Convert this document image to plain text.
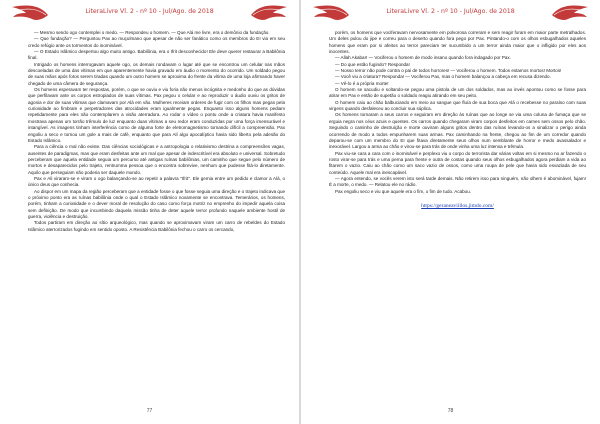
LiteraLivre Vl. 2 - nº 10 - Jul/Ago. de 2018

— Mesmo sendo ogo contemplei o medo. — Respondeu o homem. — Que Alá me livre, era o demônio da fundação.

— Que fundação? — Perguntou Pax ao muçulmano que apesar de não ser fanático como os membros do EI via em seu credo refúgio ante os tormentos do inominável.

— O Estado Islâmico despertou algo muito antigo. Babilônia, era o Ifrit desconhecido! Ele deve querer restaurar a Babilônia final.

Intrigado os homens interrogavam aquele ogo, os demais rondavam o lugar até que se encontrou um celular nas mãos descoeladas de uma das vítimas em que aparentemente havia gravado em áudio o momento do ocorrido. Um soldado pegou de suas mãos após fotos serem tiradas quando um outro homem se aproxima do frente da vítima de uma loja afirmando haver chegado de uma câmera de segurança.

Os homens esperavam ter respostas, porém, o que se ouviu e viu foria não menos incógnita e medonho do que as dúvidas que perfilavam ante os corpos estropiados de suas vítimas. Pax pegou o celular e ao reproduzir o áudio ouviu os gritos de agonia e dor de suas vítimas que clamavam por Alá em vão. Mulheres receiam orderes de fugir com os filhos mas pegas pela curiosidade ao fimbram e perpetradores das atrocidades eram igualmente pegas. Enquanto isso alguns homens pediam repetidamente para eles não contemplarem a visão aterradora. Ao rodar o vídeo o pontu onde a criatura havia manifesto mostrava apenas um torrão trêmulo de luz enquanto duas vítimas a seu redor eram conduzidas por uma força imensurável e intangível. As imagens tinham interferência como de alguma forte de eletromagnetismo tornando difícil a compreensão. Pax engoliu a seco e tornou um gole a mais de café, enquanto que para Alí algo apocalíptico havia sido liberto pela adesão do Estado Islâmico.

Para a ciência o mal não existe. Das ciências sociológicas e a antropologia o relativismo destrina a compreensões vagas, ausentes de paradigmas, mas que eram desfeitas ante um mal que apesar de indescritível era absoluto e universal. Sobretudo perceberam que aquela entidade seguia um percurso até antigas ruínas babilônias, um caminho que segue pelo número de mortos e desaparecidos pelo trajeto, rentrumma pessoa que o encontra sobrevive, nenhum que pudesse fitá-lo diretamente. Aquilo que perseguiam não poderia ser daquele mundo.

Pax e Ali viraram-se e viram o ogo balançando-se ao repetir a palavra "Ifrit". Ele gemia entre um pedido e clamor a Alá, o único deus que conhecia.

Ao dispor em um mapa da região perceberam que a entidade fosse o que fosse seguia uma direção e o trajeto indicava que o próximo ponto era as ruínas babilônia onde o qual o Estado Islâmico novamente se encontrava. Temerários, os homens, porém, tinham a curiosidade e o dever moral de resolução do caso como força motriz no emprenho do impedir aquela coisa sem definição. De modo que incumbindo daquela missão tinha de deter aquele terror profundo naquele ambiente hostil de guerra, violência e destruição.

Todos partiram em direção ao sítio arqueológico, mas quando se aproximavam viram um carro de rebeldes do Estado Islâmico aterrorizados fugindo em sentido oposto. A Resistência Babilônia fechou o carro os cercando,

77
LiteraLivre Vl. 2 - nº 10 - Jul/Ago. de 2018

porém, os homens que vociferavam nervosamente em polvorosa correram e sem reagir foram em maior parte metralhados. Um deles pulou do jipe e correu para o deserto quando fora pego por Pax. Pintando-o com os olhos esbugalhados aqueles homens que eram por si afeitos ao terror pareciam ter sucumbido a um terror ainda maior que o infligido por eles aos inocentes.

— Allah Akabar! — Vociferou o homem de modo insano quando fora indagado por Pax.

— Do que estão fugindo? Responda!

— Nosso terror não pode contra o pai de todos horrores! — Vociferou o homem. Todos estamos mortos! Mortos!

— Você viu a criatura? Responda! — Vociferou Pax, mas o homem balançou a cabeça em recusa dizendo.

— Vê-lo é a própria morte!

O homem se sacudiu e soltando-se pegou uma pistola de um dos soldados, mas ao invés apontou como se fosse para atirar em Pax e então de supetão o soldado reagiu atirando em seu peito.

O homem caiu ao chão balbuciando em meio ao sangue que fluía de sua boca que Alá o recebesse no paraíso com suas virgens quando desfaleceu ao concluir sua súplica.

Os homens tornaram a seus carros e seguiram em direção às ruínas que ao longe se via uma coluna de fumaça que se erguia negra nos céus azuis e quentes. Os carros quando chegaram viram corpos desfeitos em carnes sem ossos pelo chão. Seguindo o caminho de destruição e morte ouviram alguns gritos dentro das ruínas levando-os a sinalizar o perigo ainda ocorrendo de modo a todos empunharem suas armas. Pax caminhando na frente, chegou ao fim de um corredor quando deparou-se com um membro do EI que fitava diretamente seus olhos num semblante de horror e medo avassalador e inexorável. Largou a arma ao chão e virou-se para trás de onde vinha uma luz intensa e trêmula.

Pax viu-se cara a cara com o inominável e perplexo viu o corpo do terrorista dar várias voltas em si mesmo no ar fazendo o rosto virar-se para trás e uma perna para frente e outra de costas quando seus olhos esbugalhados agora perdiam a vida ao fitarem o vazio. Caiu ao chão como um saco vazio de ossos, como uma roupa de pele que havia sido esvaziada de seu conteúdo. Aquele mal era inescapável.

— Agora entendo, se vocês verem isto será tarde demais. Não retirem isso para ninguém, não olhem é abominável, fujam! É a morte, o medo. — Relatou ele no rádio.

Pax engoliu seco e viu que aquele era o fim, o fim de tudo. Acabou.

https://geraneaviillos.jimdo.com/
78
